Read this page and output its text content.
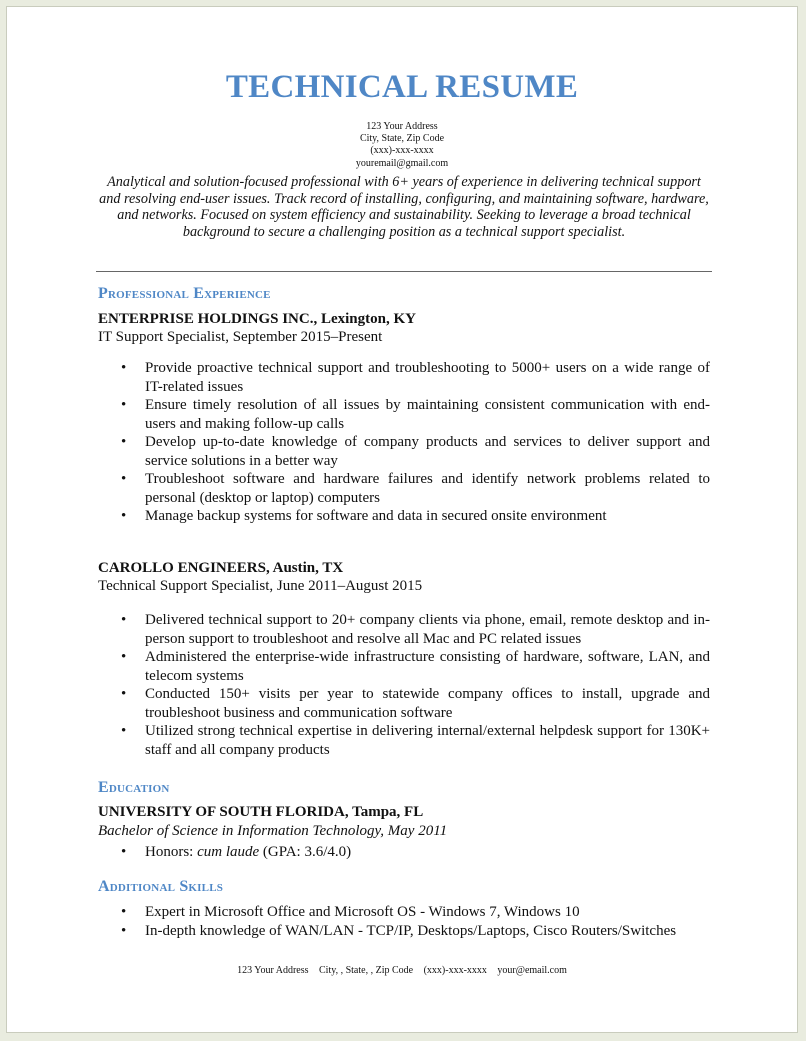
TECHNICAL RESUME
123 Your Address
City, State, Zip Code
(xxx)-xxx-xxxx
youremail@gmail.com
Analytical and solution-focused professional with 6+ years of experience in delivering technical support and resolving end-user issues. Track record of installing, configuring, and maintaining software, hardware, and networks. Focused on system efficiency and sustainability. Seeking to leverage a broad technical background to secure a challenging position as a technical support specialist.
Professional Experience
ENTERPRISE HOLDINGS INC., Lexington, KY
IT Support Specialist, September 2015–Present
• Provide proactive technical support and troubleshooting to 5000+ users on a wide range of IT-related issues
• Ensure timely resolution of all issues by maintaining consistent communication with end-users and making follow-up calls
• Develop up-to-date knowledge of company products and services to deliver support and service solutions in a better way
• Troubleshoot software and hardware failures and identify network problems related to personal (desktop or laptop) computers
• Manage backup systems for software and data in secured onsite environment
CAROLLO ENGINEERS, Austin, TX
Technical Support Specialist, June 2011–August 2015
• Delivered technical support to 20+ company clients via phone, email, remote desktop and in-person support to troubleshoot and resolve all Mac and PC related issues
• Administered the enterprise-wide infrastructure consisting of hardware, software, LAN, and telecom systems
• Conducted 150+ visits per year to statewide company offices to install, upgrade and troubleshoot business and communication software
• Utilized strong technical expertise in delivering internal/external helpdesk support for 130K+ staff and all company products
Education
UNIVERSITY OF SOUTH FLORIDA, Tampa, FL
Bachelor of Science in Information Technology, May 2011
• Honors: cum laude (GPA: 3.6/4.0)
Additional Skills
• Expert in Microsoft Office and Microsoft OS - Windows 7, Windows 10
• In-depth knowledge of WAN/LAN - TCP/IP, Desktops/Laptops, Cisco Routers/Switches
123 Your Address City, , State, , Zip Code (xxx)-xxx-xxxx your@email.com
